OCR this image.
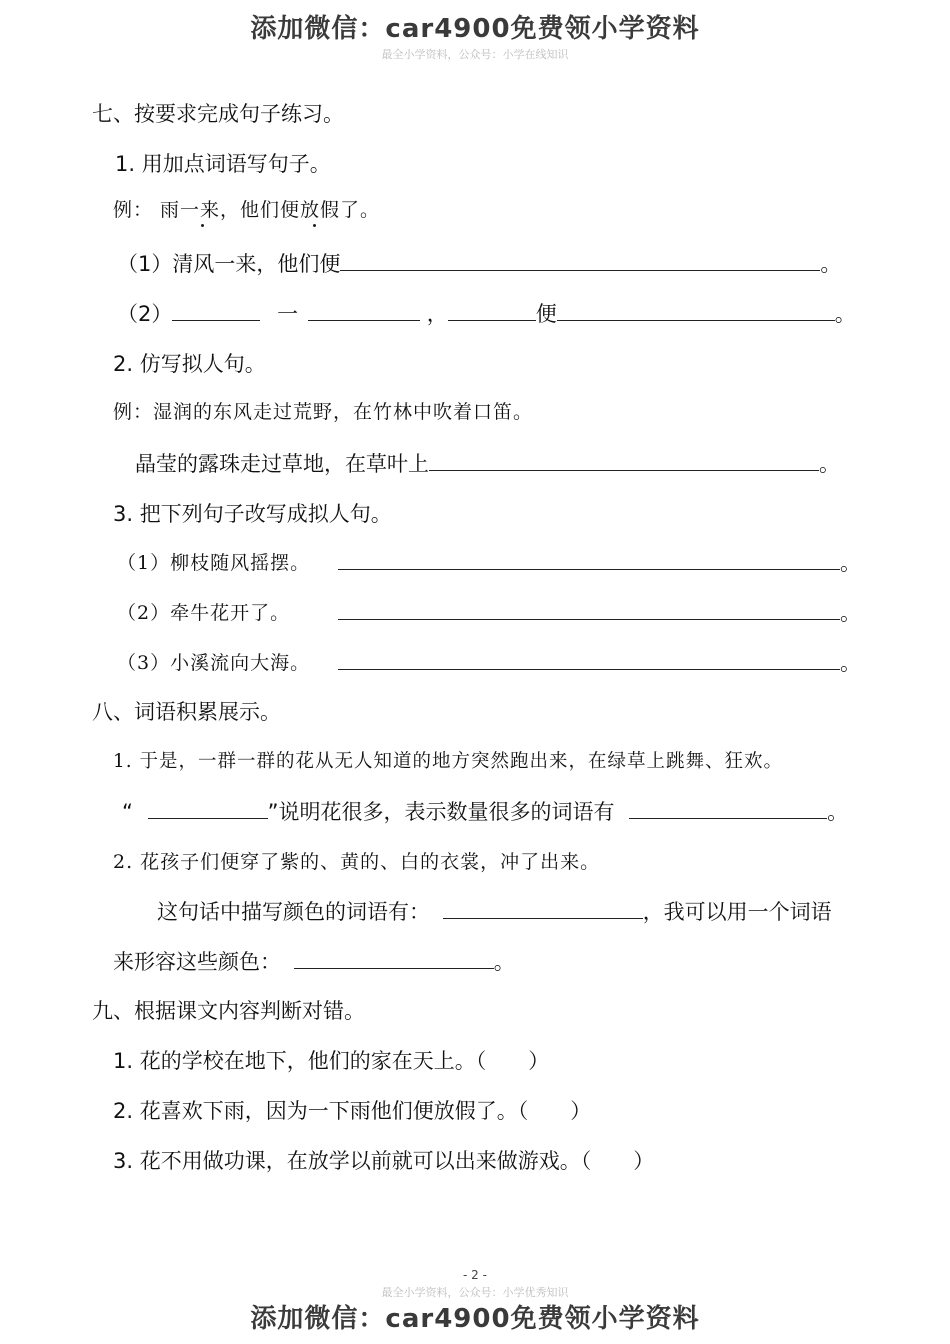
添加微信：car4900免费领小学资料
最全小学资料，公众号：小学在线知识
七、按要求完成句子练习。
1. 用加点词语写句子。
例： 雨一来，他们便放假了。
（1）清风一来，他们便	。
（2）	一	，	便	。
2. 仿写拟人句。
例：湿润的东风走过荒野，在竹林中吹着口笛。
晶莹的露珠走过草地，在草叶上	。
3. 把下列句子改写成拟人句。
（1）柳枝随风摇摆。	。
（2）牵牛花开了。	。
（3）小溪流向大海。	。
八、词语积累展示。
1. 于是，一群一群的花从无人知道的地方突然跑出来，在绿草上跳舞、狂欢。
“	”说明花很多，表示数量很多的词语有	。
2. 花孩子们便穿了紫的、黄的、白的衣裳，冲了出来。
这句话中描写颜色的词语有：	，我可以用一个词语
来形容这些颜色：	。
九、根据课文内容判断对错。
1. 花的学校在地下，他们的家在天上。（　　）
2. 花喜欢下雨，因为一下雨他们便放假了。（　　）
3. 花不用做功课，在放学以前就可以出来做游戏。（　　）
- 2 -
最全小学资料，公众号：小学优秀知识
添加微信：car4900免费领小学资料
